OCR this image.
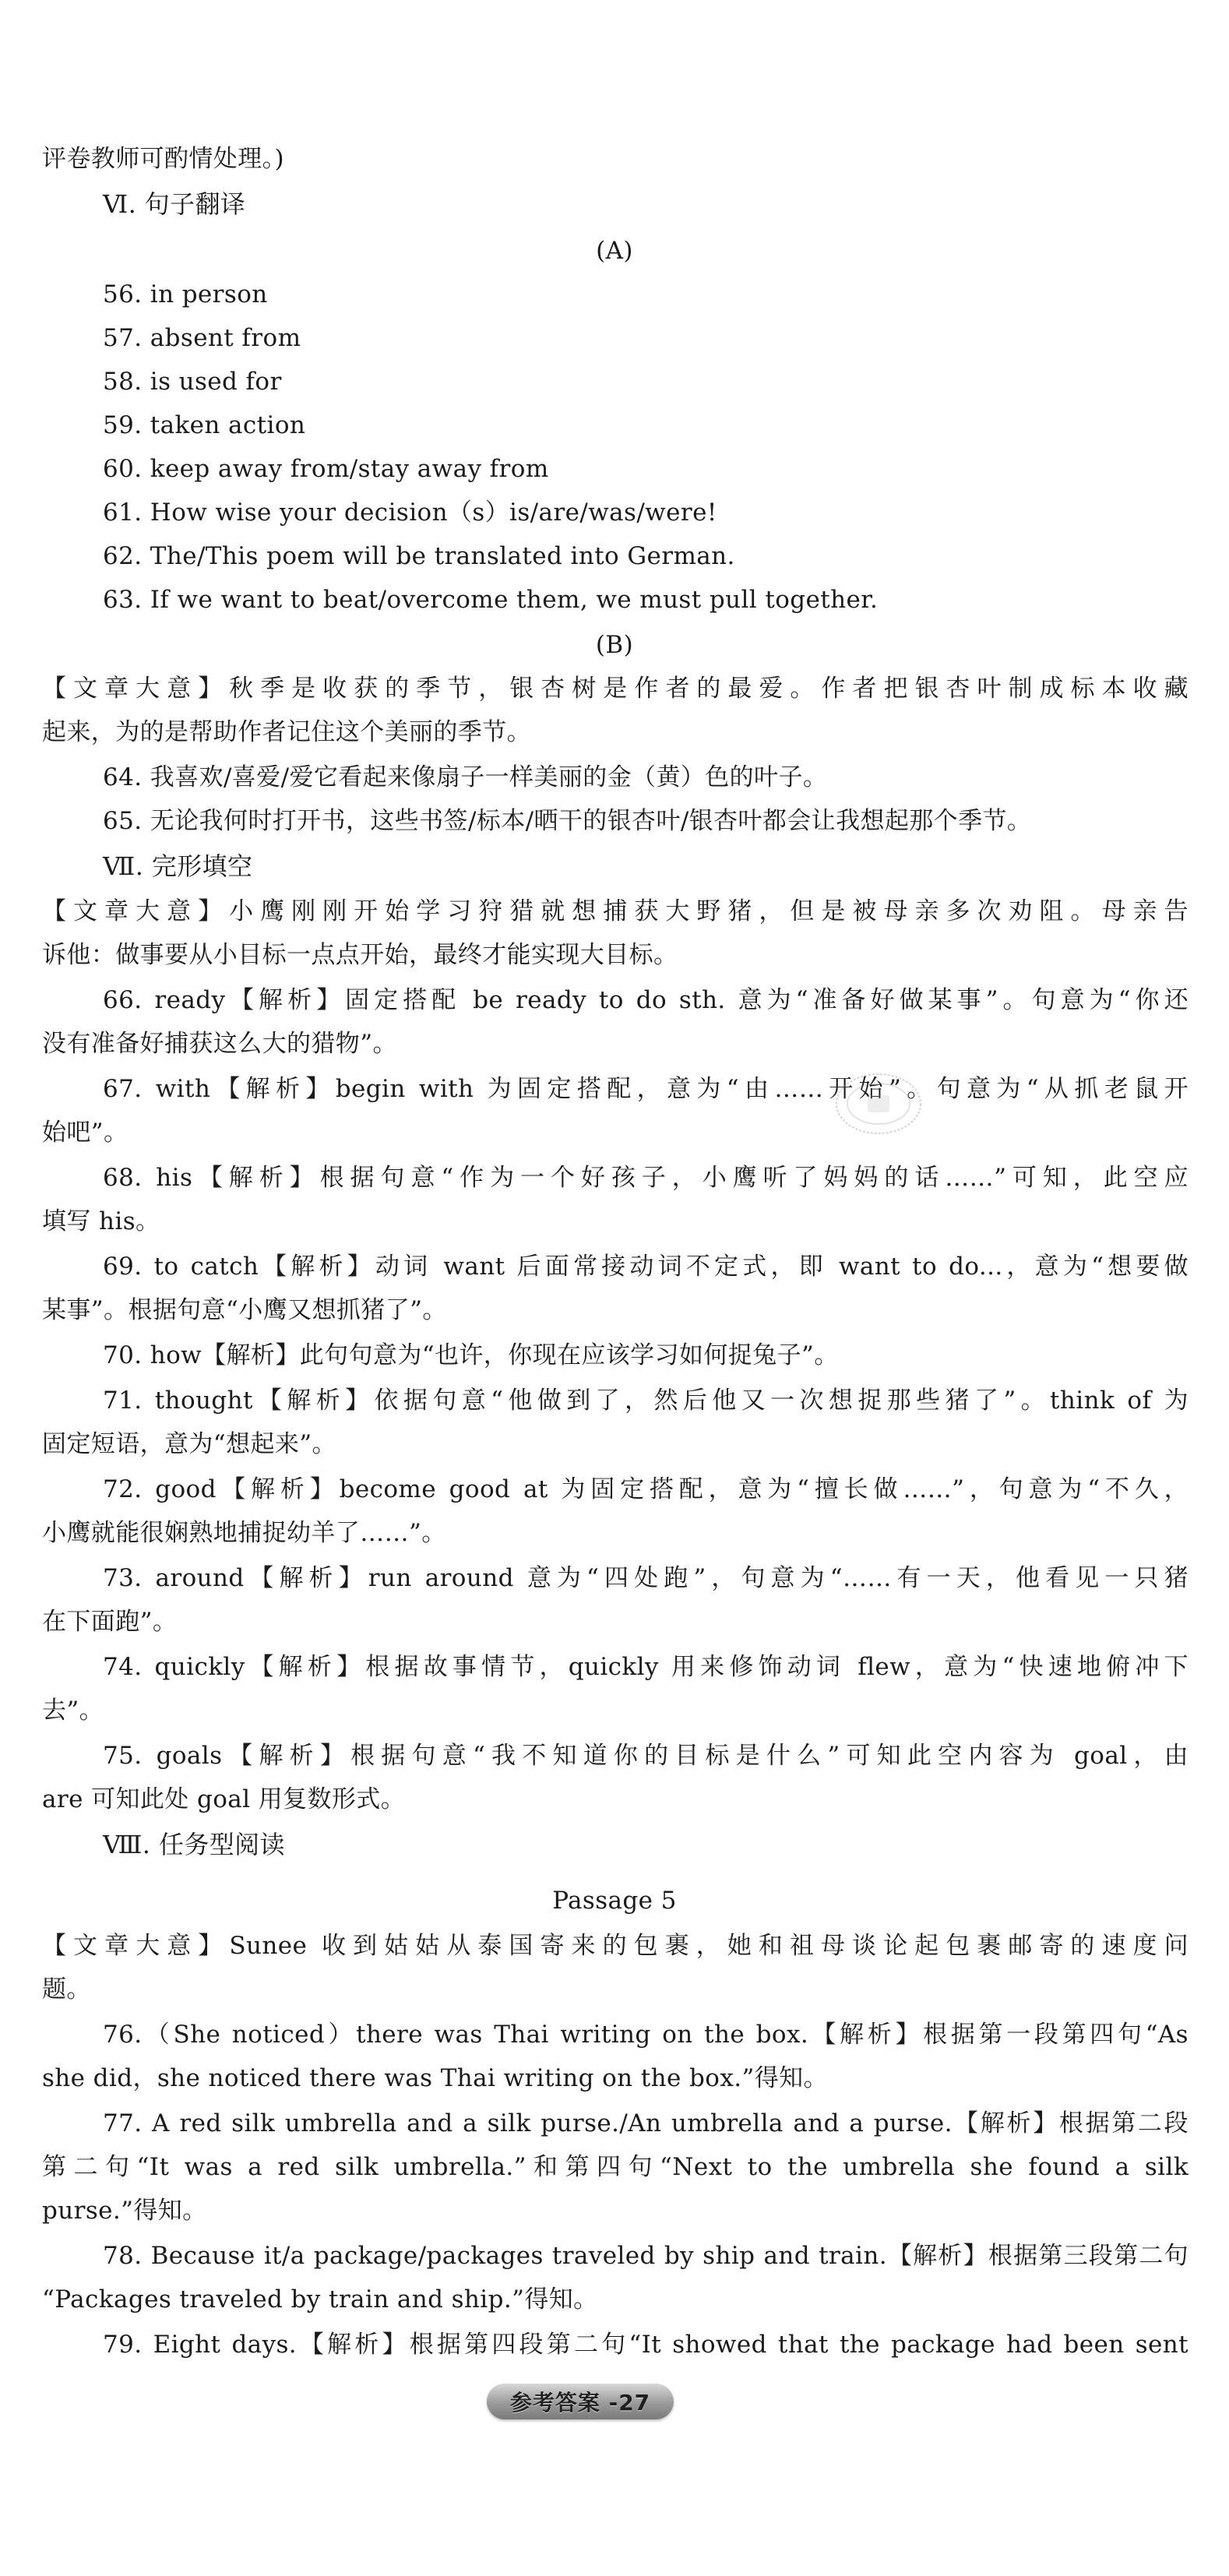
评卷教师可酌情处理。)
Ⅵ. 句子翻译
(A)
56. in person
57. absent from
58. is used for
59. taken action
60. keep away from/stay away from
61. How wise your decision（s）is/are/was/were!
62. The/This poem will be translated into German.
63. If we want to beat/overcome them, we must pull together.
(B)
【文章大意】秋季是收获的季节，银杏树是作者的最爱。作者把银杏叶制成标本收藏
起来，为的是帮助作者记住这个美丽的季节。
64. 我喜欢/喜爱/爱它看起来像扇子一样美丽的金（黄）色的叶子。
65. 无论我何时打开书，这些书签/标本/晒干的银杏叶/银杏叶都会让我想起那个季节。
Ⅶ. 完形填空
【文章大意】小鹰刚刚开始学习狩猎就想捕获大野猪，但是被母亲多次劝阻。母亲告
诉他：做事要从小目标一点点开始，最终才能实现大目标。
66. ready【解析】固定搭配 be ready to do sth. 意为“准备好做某事”。句意为“你还
没有准备好捕获这么大的猎物”。
67. with【解析】begin with 为固定搭配，意为“由……开始”。句意为“从抓老鼠开
始吧”。
68. his【解析】根据句意“作为一个好孩子，小鹰听了妈妈的话……”可知，此空应
填写 his。
69. to catch【解析】动词 want 后面常接动词不定式，即 want to do...，意为“想要做
某事”。根据句意“小鹰又想抓猪了”。
70. how【解析】此句句意为“也许，你现在应该学习如何捉兔子”。
71. thought【解析】依据句意“他做到了，然后他又一次想捉那些猪了”。think of 为
固定短语，意为“想起来”。
72. good【解析】become good at 为固定搭配，意为“擅长做……”，句意为“不久，
小鹰就能很娴熟地捕捉幼羊了……”。
73. around【解析】run around 意为“四处跑”，句意为“……有一天，他看见一只猪
在下面跑”。
74. quickly【解析】根据故事情节，quickly 用来修饰动词 flew，意为“快速地俯冲下
去”。
75. goals【解析】根据句意“我不知道你的目标是什么”可知此空内容为 goal，由
are 可知此处 goal 用复数形式。
Ⅷ. 任务型阅读
Passage 5
【文章大意】Sunee 收到姑姑从泰国寄来的包裹，她和祖母谈论起包裹邮寄的速度问
题。
76.（She noticed）there was Thai writing on the box.【解析】根据第一段第四句“As
she did，she noticed there was Thai writing on the box.”得知。
77. A red silk umbrella and a silk purse./An umbrella and a purse.【解析】根据第二段
第二句“It was a red silk umbrella.”和第四句“Next to the umbrella she found a silk
purse.”得知。
78. Because it/a package/packages traveled by ship and train.【解析】根据第三段第二句
“Packages traveled by train and ship.”得知。
79. Eight days.【解析】根据第四段第二句“It showed that the package had been sent
参考答案 -27
